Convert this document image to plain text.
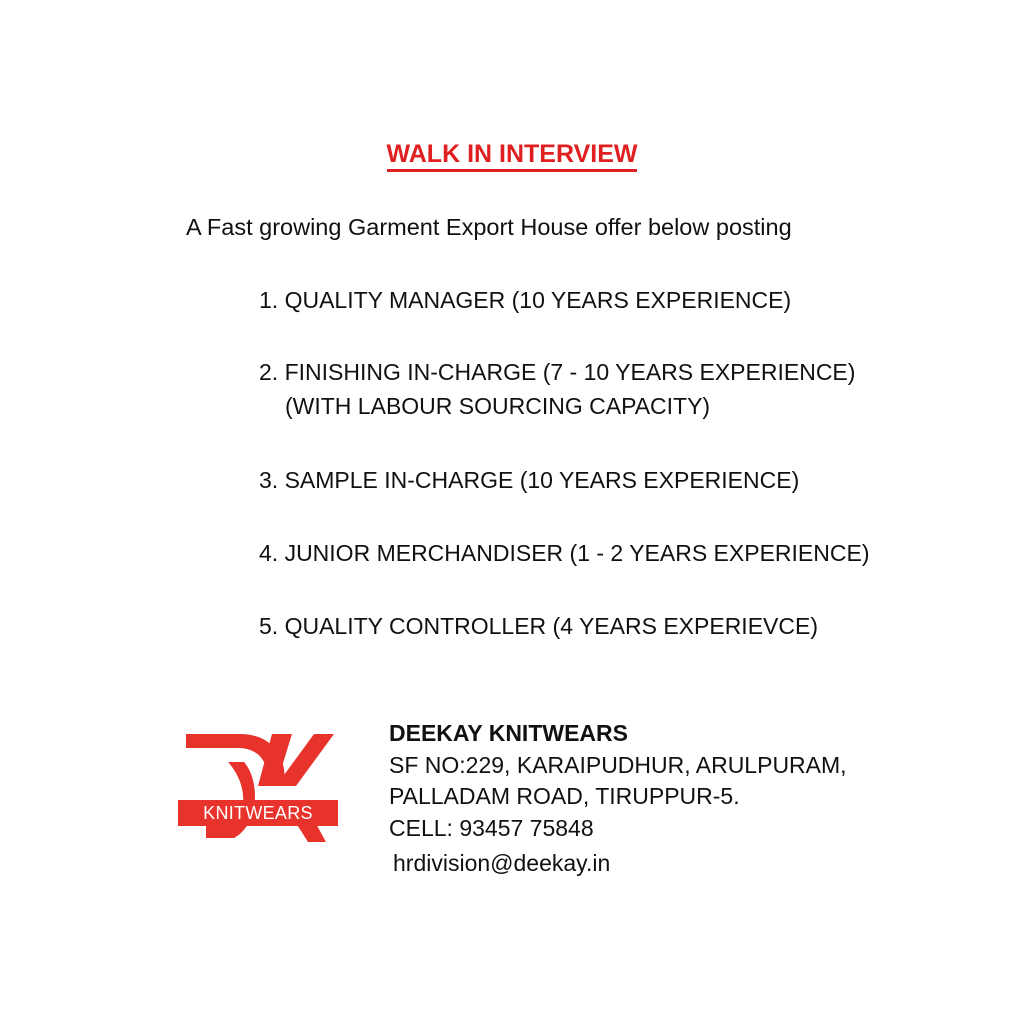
WALK IN INTERVIEW
A Fast growing Garment Export House offer below posting
1. QUALITY MANAGER (10 YEARS EXPERIENCE)
2. FINISHING IN-CHARGE (7 - 10 YEARS EXPERIENCE)
(WITH LABOUR SOURCING CAPACITY)
3. SAMPLE IN-CHARGE (10 YEARS EXPERIENCE)
4. JUNIOR MERCHANDISER (1 - 2 YEARS EXPERIENCE)
5. QUALITY CONTROLLER (4 YEARS EXPERIEVCE)
KNITWEARS
DEEKAY KNITWEARS
SF NO:229, KARAIPUDHUR, ARULPURAM,
PALLADAM ROAD, TIRUPPUR-5.
CELL: 93457 75848
hrdivision@deekay.in
